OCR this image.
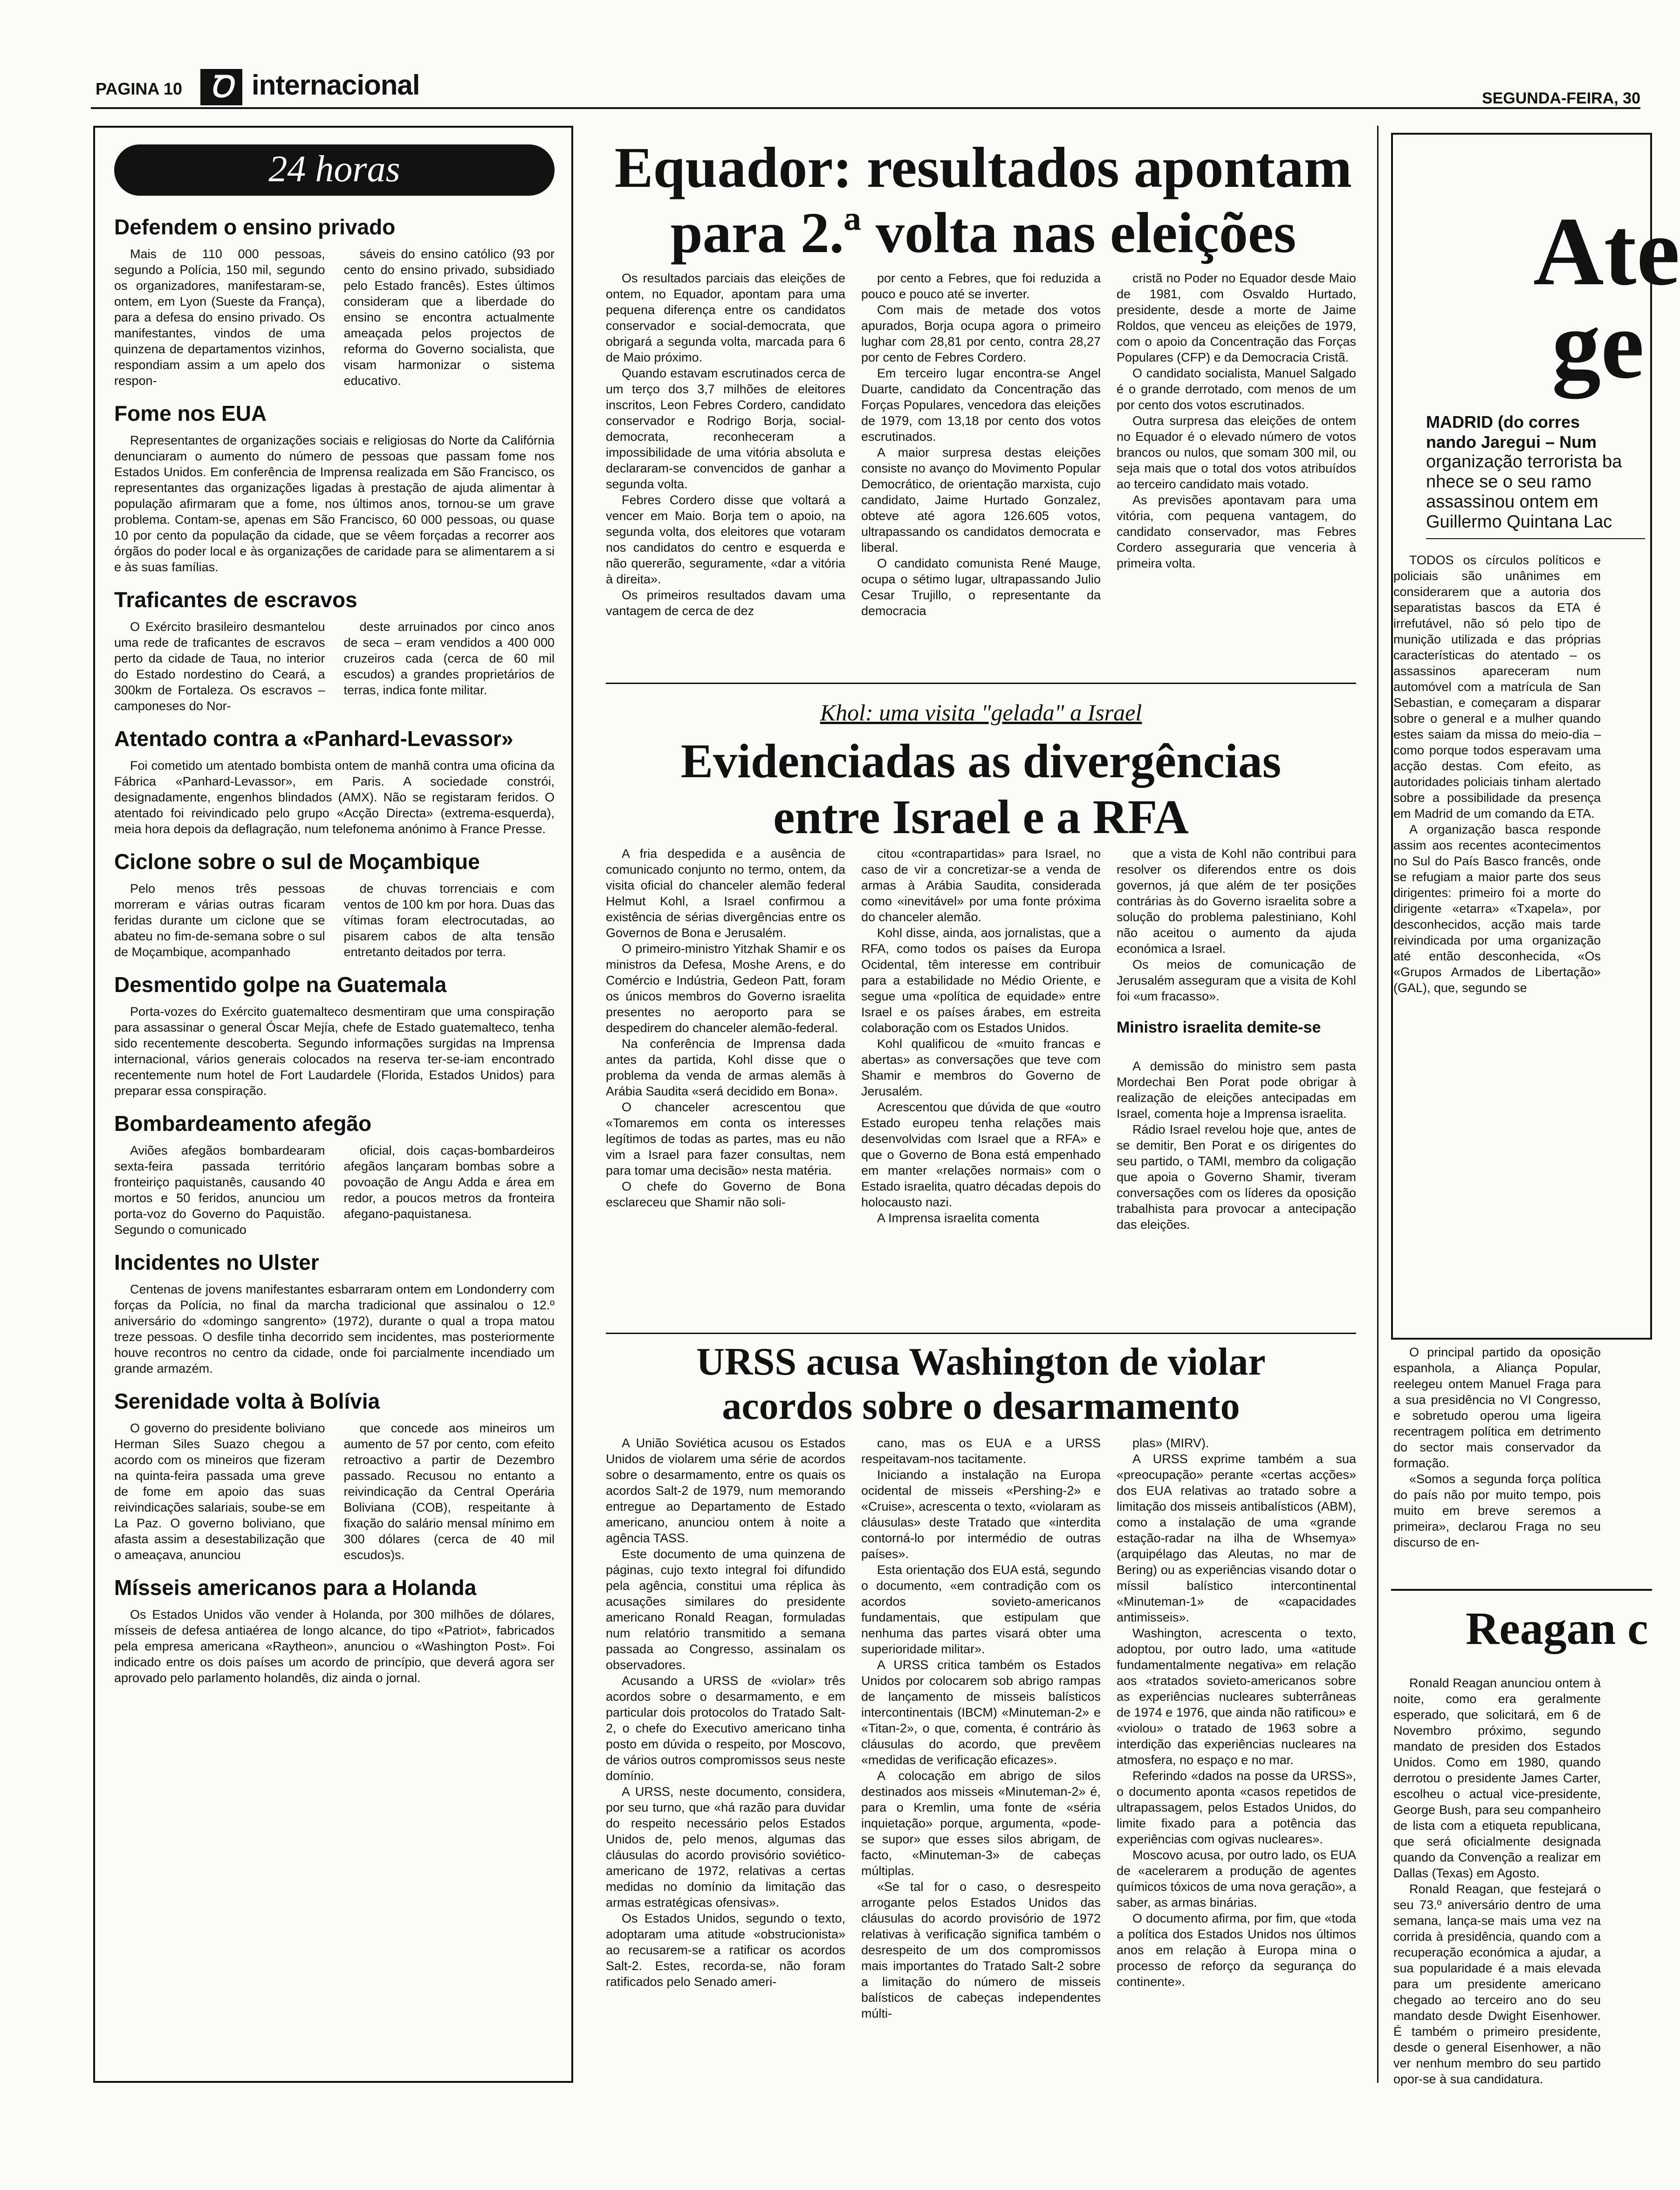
PAGINA 10 Ꝺ internacional	SEGUNDA-FEIRA, 30
24 horas
Defendem o ensino privado

Mais de 110 000 pessoas, segundo a Polícia, 150 mil, segundo os organizadores, manifestaram-se, ontem, em Lyon (Sueste da França), para a defesa do ensino privado. Os manifestantes, vindos de uma quinzena de departamentos vizinhos, respondiam assim a um apelo dos respon-

sáveis do ensino católico (93 por cento do ensino privado, subsidiado pelo Estado francês). Estes últimos consideram que a liberdade do ensino se encontra actualmente ameaçada pelos projectos de reforma do Governo socialista, que visam harmonizar o sistema educativo.

Fome nos EUA

Representantes de organizações sociais e religiosas do Norte da Califórnia denunciaram o aumento do número de pessoas que passam fome nos Estados Unidos. Em conferência de Imprensa realizada em São Francisco, os representantes das organizações ligadas à prestação de ajuda alimentar à população afirmaram que a fome, nos últimos anos, tornou-se um grave problema. Contam-se, apenas em São Francisco, 60 000 pessoas, ou quase 10 por cento da população da cidade, que se vêem forçadas a recorrer aos órgãos do poder local e às organizações de caridade para se alimentarem a si e às suas famílias.

Traficantes de escravos

O Exército brasileiro desmantelou uma rede de traficantes de escravos perto da cidade de Taua, no interior do Estado nordestino do Ceará, a 300km de Fortaleza. Os escravos – camponeses do Nor-

deste arruinados por cinco anos de seca – eram vendidos a 400 000 cruzeiros cada (cerca de 60 mil escudos) a grandes proprietários de terras, indica fonte militar.

Atentado contra a «Panhard-Levassor»

Foi cometido um atentado bombista ontem de manhã contra uma oficina da Fábrica «Panhard-Levassor», em Paris. A sociedade constrói, designadamente, engenhos blindados (AMX). Não se registaram feridos. O atentado foi reivindicado pelo grupo «Acção Directa» (extrema-esquerda), meia hora depois da deflagração, num telefonema anónimo à France Presse.

Ciclone sobre o sul de Moçambique

Pelo menos três pessoas morreram e várias outras ficaram feridas durante um ciclone que se abateu no fim-de-semana sobre o sul de Moçambique, acompanhado

de chuvas torrenciais e com ventos de 100 km por hora. Duas das vítimas foram electrocutadas, ao pisarem cabos de alta tensão entretanto deitados por terra.

Desmentido golpe na Guatemala

Porta-vozes do Exército guatemalteco desmentiram que uma conspiração para assassinar o general Óscar Mejía, chefe de Estado guatemalteco, tenha sido recentemente descoberta. Segundo informações surgidas na Imprensa internacional, vários generais colocados na reserva ter-se-iam encontrado recentemente num hotel de Fort Laudardele (Florida, Estados Unidos) para preparar essa conspiração.

Bombardeamento afegão

Aviões afegãos bombardearam sexta-feira passada território fronteiriço paquistanês, causando 40 mortos e 50 feridos, anunciou um porta-voz do Governo do Paquistão. Segundo o comunicado

oficial, dois caças-bombardeiros afegãos lançaram bombas sobre a povoação de Angu Adda e área em redor, a poucos metros da fronteira afegano-paquistanesa.

Incidentes no Ulster

Centenas de jovens manifestantes esbarraram ontem em Londonderry com forças da Polícia, no final da marcha tradicional que assinalou o 12.º aniversário do «domingo sangrento» (1972), durante o qual a tropa matou treze pessoas. O desfile tinha decorrido sem incidentes, mas posteriormente houve recontros no centro da cidade, onde foi parcialmente incendiado um grande armazém.

Serenidade volta à Bolívia

O governo do presidente boliviano Herman Siles Suazo chegou a acordo com os mineiros que fizeram na quinta-feira passada uma greve de fome em apoio das suas reivindicações salariais, soube-se em La Paz. O governo boliviano, que afasta assim a desestabilização que o ameaçava, anunciou

que concede aos mineiros um aumento de 57 por cento, com efeito retroactivo a partir de Dezembro passado. Recusou no entanto a reivindicação da Central Operária Boliviana (COB), respeitante à fixação do salário mensal mínimo em 300 dólares (cerca de 40 mil escudos)s.

Mísseis americanos para a Holanda

Os Estados Unidos vão vender à Holanda, por 300 milhões de dólares, mísseis de defesa antiaérea de longo alcance, do tipo «Patriot», fabricados pela empresa americana «Raytheon», anunciou o «Washington Post». Foi indicado entre os dois países um acordo de princípio, que deverá agora ser aprovado pelo parlamento holandês, diz ainda o jornal.

Equador: resultados apontam
para 2.ª volta nas eleições

Os resultados parciais das eleições de ontem, no Equador, apontam para uma pequena diferença entre os candidatos conservador e social-democrata, que obrigará a segunda volta, marcada para 6 de Maio próximo.

Quando estavam escrutinados cerca de um terço dos 3,7 milhões de eleitores inscritos, Leon Febres Cordero, candidato conservador e Rodrigo Borja, social-democrata, reconheceram a impossibilidade de uma vitória absoluta e declararam-se convencidos de ganhar a segunda volta.

Febres Cordero disse que voltará a vencer em Maio. Borja tem o apoio, na segunda volta, dos eleitores que votaram nos candidatos do centro e esquerda e não quererão, seguramente, «dar a vitória à direita».

Os primeiros resultados davam uma vantagem de cerca de dez

por cento a Febres, que foi reduzida a pouco e pouco até se inverter.

Com mais de metade dos votos apurados, Borja ocupa agora o primeiro lughar com 28,81 por cento, contra 28,27 por cento de Febres Cordero.

Em terceiro lugar encontra-se Angel Duarte, candidato da Concentração das Forças Populares, vencedora das eleições de 1979, com 13,18 por cento dos votos escrutinados.

A maior surpresa destas eleições consiste no avanço do Movimento Popular Democrático, de orientação marxista, cujo candidato, Jaime Hurtado Gonzalez, obteve até agora 126.605 votos, ultrapassando os candidatos democrata e liberal.

O candidato comunista René Mauge, ocupa o sétimo lugar, ultrapassando Julio Cesar Trujillo, o representante da democracia

cristã no Poder no Equador desde Maio de 1981, com Osvaldo Hurtado, presidente, desde a morte de Jaime Roldos, que venceu as eleições de 1979, com o apoio da Concentração das Forças Populares (CFP) e da Democracia Cristã.

O candidato socialista, Manuel Salgado é o grande derrotado, com menos de um por cento dos votos escrutinados.

Outra surpresa das eleições de ontem no Equador é o elevado número de votos brancos ou nulos, que somam 300 mil, ou seja mais que o total dos votos atribuídos ao terceiro candidato mais votado.

As previsões apontavam para uma vitória, com pequena vantagem, do candidato conservador, mas Febres Cordero asseguraria que venceria à primeira volta.

Khol: uma visita "gelada" a Israel
Evidenciadas as divergências
entre Israel e a RFA

A fria despedida e a ausência de comunicado conjunto no termo, ontem, da visita oficial do chanceler alemão federal Helmut Kohl, a Israel confirmou a existência de sérias divergências entre os Governos de Bona e Jerusalém.

O primeiro-ministro Yitzhak Shamir e os ministros da Defesa, Moshe Arens, e do Comércio e Indústria, Gedeon Patt, foram os únicos membros do Governo israelita presentes no aeroporto para se despedirem do chanceler alemão-federal.

Na conferência de Imprensa dada antes da partida, Kohl disse que o problema da venda de armas alemãs à Arábia Saudita «será decidido em Bona».

O chanceler acrescentou que «Tomaremos em conta os interesses legítimos de todas as partes, mas eu não vim a Israel para fazer consultas, nem para tomar uma decisão» nesta matéria.

O chefe do Governo de Bona esclareceu que Shamir não soli-

citou «contrapartidas» para Israel, no caso de vir a concretizar-se a venda de armas à Arábia Saudita, considerada como «inevitável» por uma fonte próxima do chanceler alemão.

Kohl disse, ainda, aos jornalistas, que a RFA, como todos os países da Europa Ocidental, têm interesse em contribuir para a estabilidade no Médio Oriente, e segue uma «política de equidade» entre Israel e os países árabes, em estreita colaboração com os Estados Unidos.

Kohl qualificou de «muito francas e abertas» as conversações que teve com Shamir e membros do Governo de Jerusalém.

Acrescentou que dúvida de que «outro Estado europeu tenha relações mais desenvolvidas com Israel que a RFA» e que o Governo de Bona está empenhado em manter «relações normais» com o Estado israelita, quatro décadas depois do holocausto nazi.

A Imprensa israelita comenta

que a vista de Kohl não contribui para resolver os diferendos entre os dois governos, já que além de ter posições contrárias às do Governo israelita sobre a solução do problema palestiniano, Kohl não aceitou o aumento da ajuda económica a Israel.

Os meios de comunicação de Jerusalém asseguram que a visita de Kohl foi «um fracasso».

Ministro israelita demite-se

A demissão do ministro sem pasta Mordechai Ben Porat pode obrigar à realização de eleições antecipadas em Israel, comenta hoje a Imprensa israelita.

Rádio Israel revelou hoje que, antes de se demitir, Ben Porat e os dirigentes do seu partido, o TAMI, membro da coligação que apoia o Governo Shamir, tiveram conversações com os líderes da oposição trabalhista para provocar a antecipação das eleições.

URSS acusa Washington de violar
acordos sobre o desarmamento

A União Soviética acusou os Estados Unidos de violarem uma série de acordos sobre o desarmamento, entre os quais os acordos Salt-2 de 1979, num memorando entregue ao Departamento de Estado americano, anunciou ontem à noite a agência TASS.

Este documento de uma quinzena de páginas, cujo texto integral foi difundido pela agência, constitui uma réplica às acusações similares do presidente americano Ronald Reagan, formuladas num relatório transmitido a semana passada ao Congresso, assinalam os observadores.

Acusando a URSS de «violar» três acordos sobre o desarmamento, e em particular dois protocolos do Tratado Salt-2, o chefe do Executivo americano tinha posto em dúvida o respeito, por Moscovo, de vários outros compromissos seus neste domínio.

A URSS, neste documento, considera, por seu turno, que «há razão para duvidar do respeito necessário pelos Estados Unidos de, pelo menos, algumas das cláusulas do acordo provisório soviético-americano de 1972, relativas a certas medidas no domínio da limitação das armas estratégicas ofensivas».

Os Estados Unidos, segundo o texto, adoptaram uma atitude «obstrucionista» ao recusarem-se a ratificar os acordos Salt-2. Estes, recorda-se, não foram ratificados pelo Senado ameri-

cano, mas os EUA e a URSS respeitavam-nos tacitamente.

Iniciando a instalação na Europa ocidental de misseis «Pershing-2» e «Cruise», acrescenta o texto, «violaram as cláusulas» deste Tratado que «interdita contorná-lo por intermédio de outras países».

Esta orientação dos EUA está, segundo o documento, «em contradição com os acordos sovieto-americanos fundamentais, que estipulam que nenhuma das partes visará obter uma superioridade militar».

A URSS critica também os Estados Unidos por colocarem sob abrigo rampas de lançamento de misseis balísticos intercontinentais (IBCM) «Minuteman-2» e «Titan-2», o que, comenta, é contrário às cláusulas do acordo, que prevêem «medidas de verificação eficazes».

A colocação em abrigo de silos destinados aos misseis «Minuteman-2» é, para o Kremlin, uma fonte de «séria inquietação» porque, argumenta, «pode-se supor» que esses silos abrigam, de facto, «Minuteman-3» de cabeças múltiplas.

«Se tal for o caso, o desrespeito arrogante pelos Estados Unidos das cláusulas do acordo provisório de 1972 relativas à verificação significa também o desrespeito de um dos compromissos mais importantes do Tratado Salt-2 sobre a limitação do número de misseis balísticos de cabeças independentes múlti-

plas» (MIRV).

A URSS exprime também a sua «preocupação» perante «certas acções» dos EUA relativas ao tratado sobre a limitação dos misseis antibalísticos (ABM), como a instalação de uma «grande estação-radar na ilha de Whsemya» (arquipélago das Aleutas, no mar de Bering) ou as experiências visando dotar o míssil balístico intercontinental «Minuteman-1» de «capacidades antimisseis».

Washington, acrescenta o texto, adoptou, por outro lado, uma «atitude fundamentalmente negativa» em relação aos «tratados sovieto-americanos sobre as experiências nucleares subterrâneas de 1974 e 1976, que ainda não ratificou» e «violou» o tratado de 1963 sobre a interdição das experiências nucleares na atmosfera, no espaço e no mar.

Referindo «dados na posse da URSS», o documento aponta «casos repetidos de ultrapassagem, pelos Estados Unidos, do limite fixado para a potência das experiências com ogivas nucleares».

Moscovo acusa, por outro lado, os EUA de «acelerarem a produção de agentes químicos tóxicos de uma nova geração», a saber, as armas binárias.

O documento afirma, por fim, que «toda a política dos Estados Unidos nos últimos anos em relação à Europa mina o processo de reforço da segurança do continente».

Ate
ge
MADRID (do corres
nando Jaregui – Num
organização terrorista ba
nhece se o seu ramo
assassinou ontem em
Guillermo Quintana Lac

TODOS os círculos políticos e policiais são unânimes em considerarem que a autoria dos separatistas bascos da ETA é irrefutável, não só pelo tipo de munição utilizada e das próprias características do atentado – os assassinos apareceram num automóvel com a matrícula de San Sebastian, e começaram a disparar sobre o general e a mulher quando estes saiam da missa do meio-dia – como porque todos esperavam uma acção destas. Com efeito, as autoridades policiais tinham alertado sobre a possibilidade da presença em Madrid de um comando da ETA.

A organização basca responde assim aos recentes acontecimentos no Sul do País Basco francês, onde se refugiam a maior parte dos seus dirigentes: primeiro foi a morte do dirigente «etarra» «Txapela», por desconhecidos, acção mais tarde reivindicada por uma organização até então desconhecida, «Os «Grupos Armados de Libertação» (GAL), que, segundo se

O principal partido da oposição espanhola, a Aliança Popular, reelegeu ontem Manuel Fraga para a sua presidência no VI Congresso, e sobretudo operou uma ligeira recentragem política em detrimento do sector mais conservador da formação.

«Somos a segunda força política do país não por muito tempo, pois muito em breve seremos a primeira», declarou Fraga no seu discurso de en-

Reagan c

Ronald Reagan anunciou ontem à noite, como era geralmente esperado, que solicitará, em 6 de Novembro próximo, segundo mandato de presiden dos Estados Unidos. Como em 1980, quando derrotou o presidente James Carter, escolheu o actual vice-presidente, George Bush, para seu companheiro de lista com a etiqueta republicana, que será oficialmente designada quando da Convenção a realizar em Dallas (Texas) em Agosto.

Ronald Reagan, que festejará o seu 73.º aniversário dentro de uma semana, lança-se mais uma vez na corrida à presidência, quando com a recuperação económica a ajudar, a sua popularidade é a mais elevada para um presidente americano chegado ao terceiro ano do seu mandato desde Dwight Eisenhower. É também o primeiro presidente, desde o general Eisenhower, a não ver nenhum membro do seu partido opor-se à sua candidatura.
